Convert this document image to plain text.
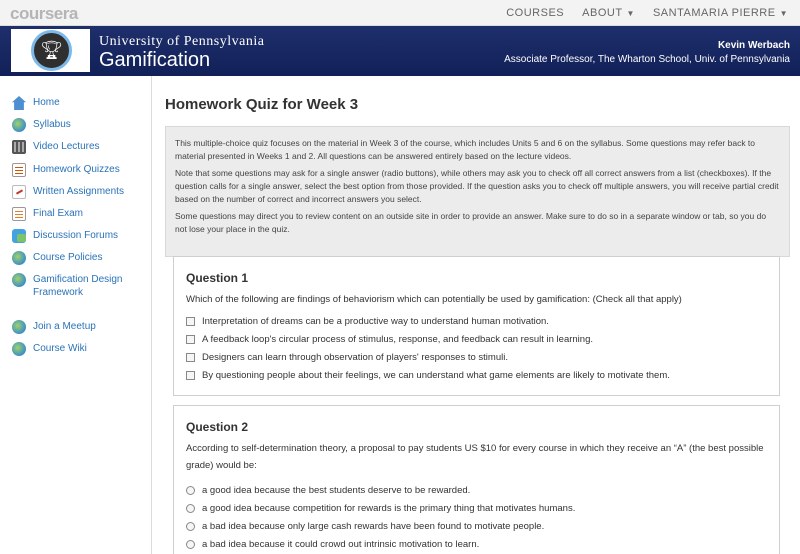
coursera	COURSES ABOUT ▼ SANTAMARIA PIERRE ▼
🏆︎	University of Pennsylvania
Gamification
Kevin Werbach
Associate Professor, The Wharton School, Univ. of Pennsylvania
Home
Syllabus
Video Lectures
Homework Quizzes
Written Assignments
Final Exam
Discussion Forums
Course Policies
Gamification Design Framework
Join a Meetup
Course Wiki
Homework Quiz for Week 3

This multiple-choice quiz focuses on the material in Week 3 of the course, which includes Units 5 and 6 on the syllabus. Some questions may refer back to material presented in Weeks 1 and 2. All questions can be answered entirely based on the lecture videos.

Note that some questions may ask for a single answer (radio buttons), while others may ask you to check off all correct answers from a list (checkboxes). If the question calls for a single answer, select the best option from those provided. If the question asks you to check off multiple answers, you will receive partial credit based on the number of correct and incorrect answers you select.

Some questions may direct you to review content on an outside site in order to provide an answer. Make sure to do so in a separate window or tab, so you do not lose your place in the quiz.

Question 1
Which of the following are findings of behaviorism which can potentially be used by gamification: (Check all that apply)
Interpretation of dreams can be a productive way to understand human motivation.
A feedback loop's circular process of stimulus, response, and feedback can result in learning.
Designers can learn through observation of players' responses to stimuli.
By questioning people about their feelings, we can understand what game elements are likely to motivate them.
Question 2
According to self-determination theory, a proposal to pay students US $10 for every course in which they receive an “A” (the best possible grade) would be:
a good idea because the best students deserve to be rewarded.
a good idea because competition for rewards is the primary thing that motivates humans.
a bad idea because only large cash rewards have been found to motivate people.
a bad idea because it could crowd out intrinsic motivation to learn.
